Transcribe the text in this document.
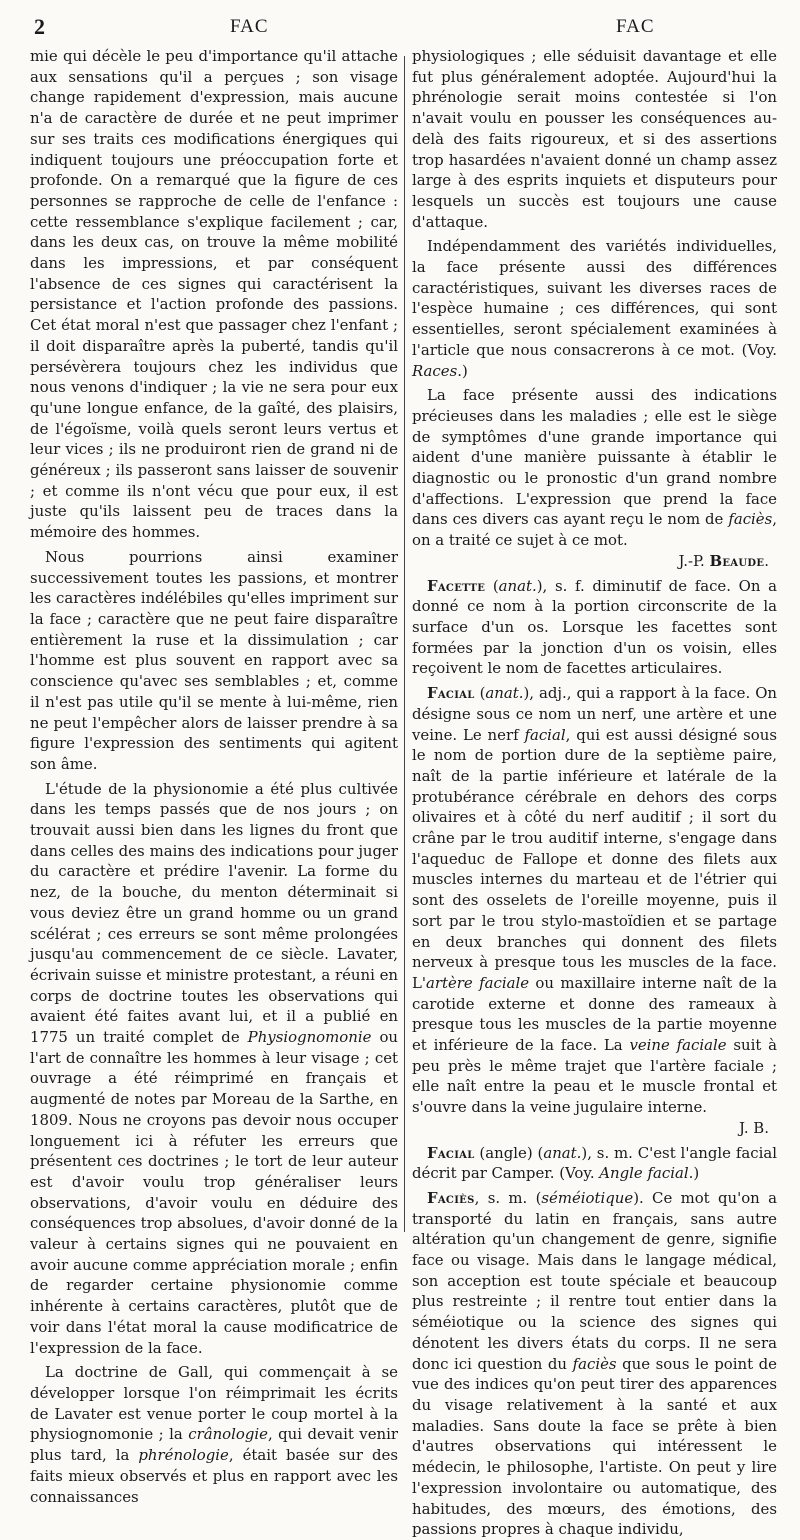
2	FAC	FAC

mie qui décèle le peu d'importance qu'il attache aux sensations qu'il a perçues ; son visage change rapidement d'expression, mais aucune n'a de caractère de durée et ne peut imprimer sur ses traits ces modifications énergiques qui indiquent toujours une préoccupation forte et profonde. On a remarqué que la figure de ces personnes se rapproche de celle de l'enfance : cette ressemblance s'explique facilement ; car, dans les deux cas, on trouve la même mobilité dans les impressions, et par conséquent l'absence de ces signes qui caractérisent la persistance et l'action profonde des passions. Cet état moral n'est que passager chez l'enfant ; il doit disparaître après la puberté, tandis qu'il persévèrera toujours chez les individus que nous venons d'indiquer ; la vie ne sera pour eux qu'une longue enfance, de la gaîté, des plaisirs, de l'égoïsme, voilà quels seront leurs vertus et leur vices ; ils ne produiront rien de grand ni de généreux ; ils passeront sans laisser de souvenir ; et comme ils n'ont vécu que pour eux, il est juste qu'ils laissent peu de traces dans la mémoire des hommes.

Nous pourrions ainsi examiner successivement toutes les passions, et montrer les caractères indélébiles qu'elles impriment sur la face ; caractère que ne peut faire disparaître entièrement la ruse et la dissimulation ; car l'homme est plus souvent en rapport avec sa conscience qu'avec ses semblables ; et, comme il n'est pas utile qu'il se mente à lui-même, rien ne peut l'empêcher alors de laisser prendre à sa figure l'expression des sentiments qui agitent son âme.

L'étude de la physionomie a été plus cultivée dans les temps passés que de nos jours ; on trouvait aussi bien dans les lignes du front que dans celles des mains des indications pour juger du caractère et prédire l'avenir. La forme du nez, de la bouche, du menton déterminait si vous deviez être un grand homme ou un grand scélérat ; ces erreurs se sont même prolongées jusqu'au commencement de ce siècle. Lavater, écrivain suisse et ministre protestant, a réuni en corps de doctrine toutes les observations qui avaient été faites avant lui, et il a publié en 1775 un traité complet de Physiognomonie ou l'art de connaître les hommes à leur visage ; cet ouvrage a été réimprimé en français et augmenté de notes par Moreau de la Sarthe, en 1809. Nous ne croyons pas devoir nous occuper longuement ici à réfuter les erreurs que présentent ces doctrines ; le tort de leur auteur est d'avoir voulu trop généraliser leurs observations, d'avoir voulu en déduire des conséquences trop absolues, d'avoir donné de la valeur à certains signes qui ne pouvaient en avoir aucune comme appréciation morale ; enfin de regarder certaine physionomie comme inhérente à certains caractères, plutôt que de voir dans l'état moral la cause modificatrice de l'expression de la face.

La doctrine de Gall, qui commençait à se développer lorsque l'on réimprimait les écrits de Lavater est venue porter le coup mortel à la physiognomonie ; la crânologie, qui devait venir plus tard, la phrénologie, était basée sur des faits mieux observés et plus en rapport avec les connaissances

physiologiques ; elle séduisit davantage et elle fut plus généralement adoptée. Aujourd'hui la phrénologie serait moins contestée si l'on n'avait voulu en pousser les conséquences au-delà des faits rigoureux, et si des assertions trop hasardées n'avaient donné un champ assez large à des esprits inquiets et disputeurs pour lesquels un succès est toujours une cause d'attaque.

Indépendamment des variétés individuelles, la face présente aussi des différences caractéristiques, suivant les diverses races de l'espèce humaine ; ces différences, qui sont essentielles, seront spécialement examinées à l'article que nous consacrerons à ce mot. (Voy. Races.)

La face présente aussi des indications précieuses dans les maladies ; elle est le siège de symptômes d'une grande importance qui aident d'une manière puissante à établir le diagnostic ou le pronostic d'un grand nombre d'affections. L'expression que prend la face dans ces divers cas ayant reçu le nom de faciès, on a traité ce sujet à ce mot.

J.-P. Beaude.

Facette (anat.), s. f. diminutif de face. On a donné ce nom à la portion circonscrite de la surface d'un os. Lorsque les facettes sont formées par la jonction d'un os voisin, elles reçoivent le nom de facettes articulaires.

Facial (anat.), adj., qui a rapport à la face. On désigne sous ce nom un nerf, une artère et une veine. Le nerf facial, qui est aussi désigné sous le nom de portion dure de la septième paire, naît de la partie inférieure et latérale de la protubérance cérébrale en dehors des corps olivaires et à côté du nerf auditif ; il sort du crâne par le trou auditif interne, s'engage dans l'aqueduc de Fallope et donne des filets aux muscles internes du marteau et de l'étrier qui sont des osselets de l'oreille moyenne, puis il sort par le trou stylo-mastoïdien et se partage en deux branches qui donnent des filets nerveux à presque tous les muscles de la face. L'artère faciale ou maxillaire interne naît de la carotide externe et donne des rameaux à presque tous les muscles de la partie moyenne et inférieure de la face. La veine faciale suit à peu près le même trajet que l'artère faciale ; elle naît entre la peau et le muscle frontal et s'ouvre dans la veine jugulaire interne.

J. B.

Facial (angle) (anat.), s. m. C'est l'angle facial décrit par Camper. (Voy. Angle facial.)

Faciès, s. m. (séméiotique). Ce mot qu'on a transporté du latin en français, sans autre altération qu'un changement de genre, signifie face ou visage. Mais dans le langage médical, son acception est toute spéciale et beaucoup plus restreinte ; il rentre tout entier dans la séméiotique ou la science des signes qui dénotent les divers états du corps. Il ne sera donc ici question du faciès que sous le point de vue des indices qu'on peut tirer des apparences du visage relativement à la santé et aux maladies. Sans doute la face se prête à bien d'autres observations qui intéressent le médecin, le philosophe, l'artiste. On peut y lire l'expression involontaire ou automatique, des habitudes, des mœurs, des émotions, des passions propres à chaque individu,
